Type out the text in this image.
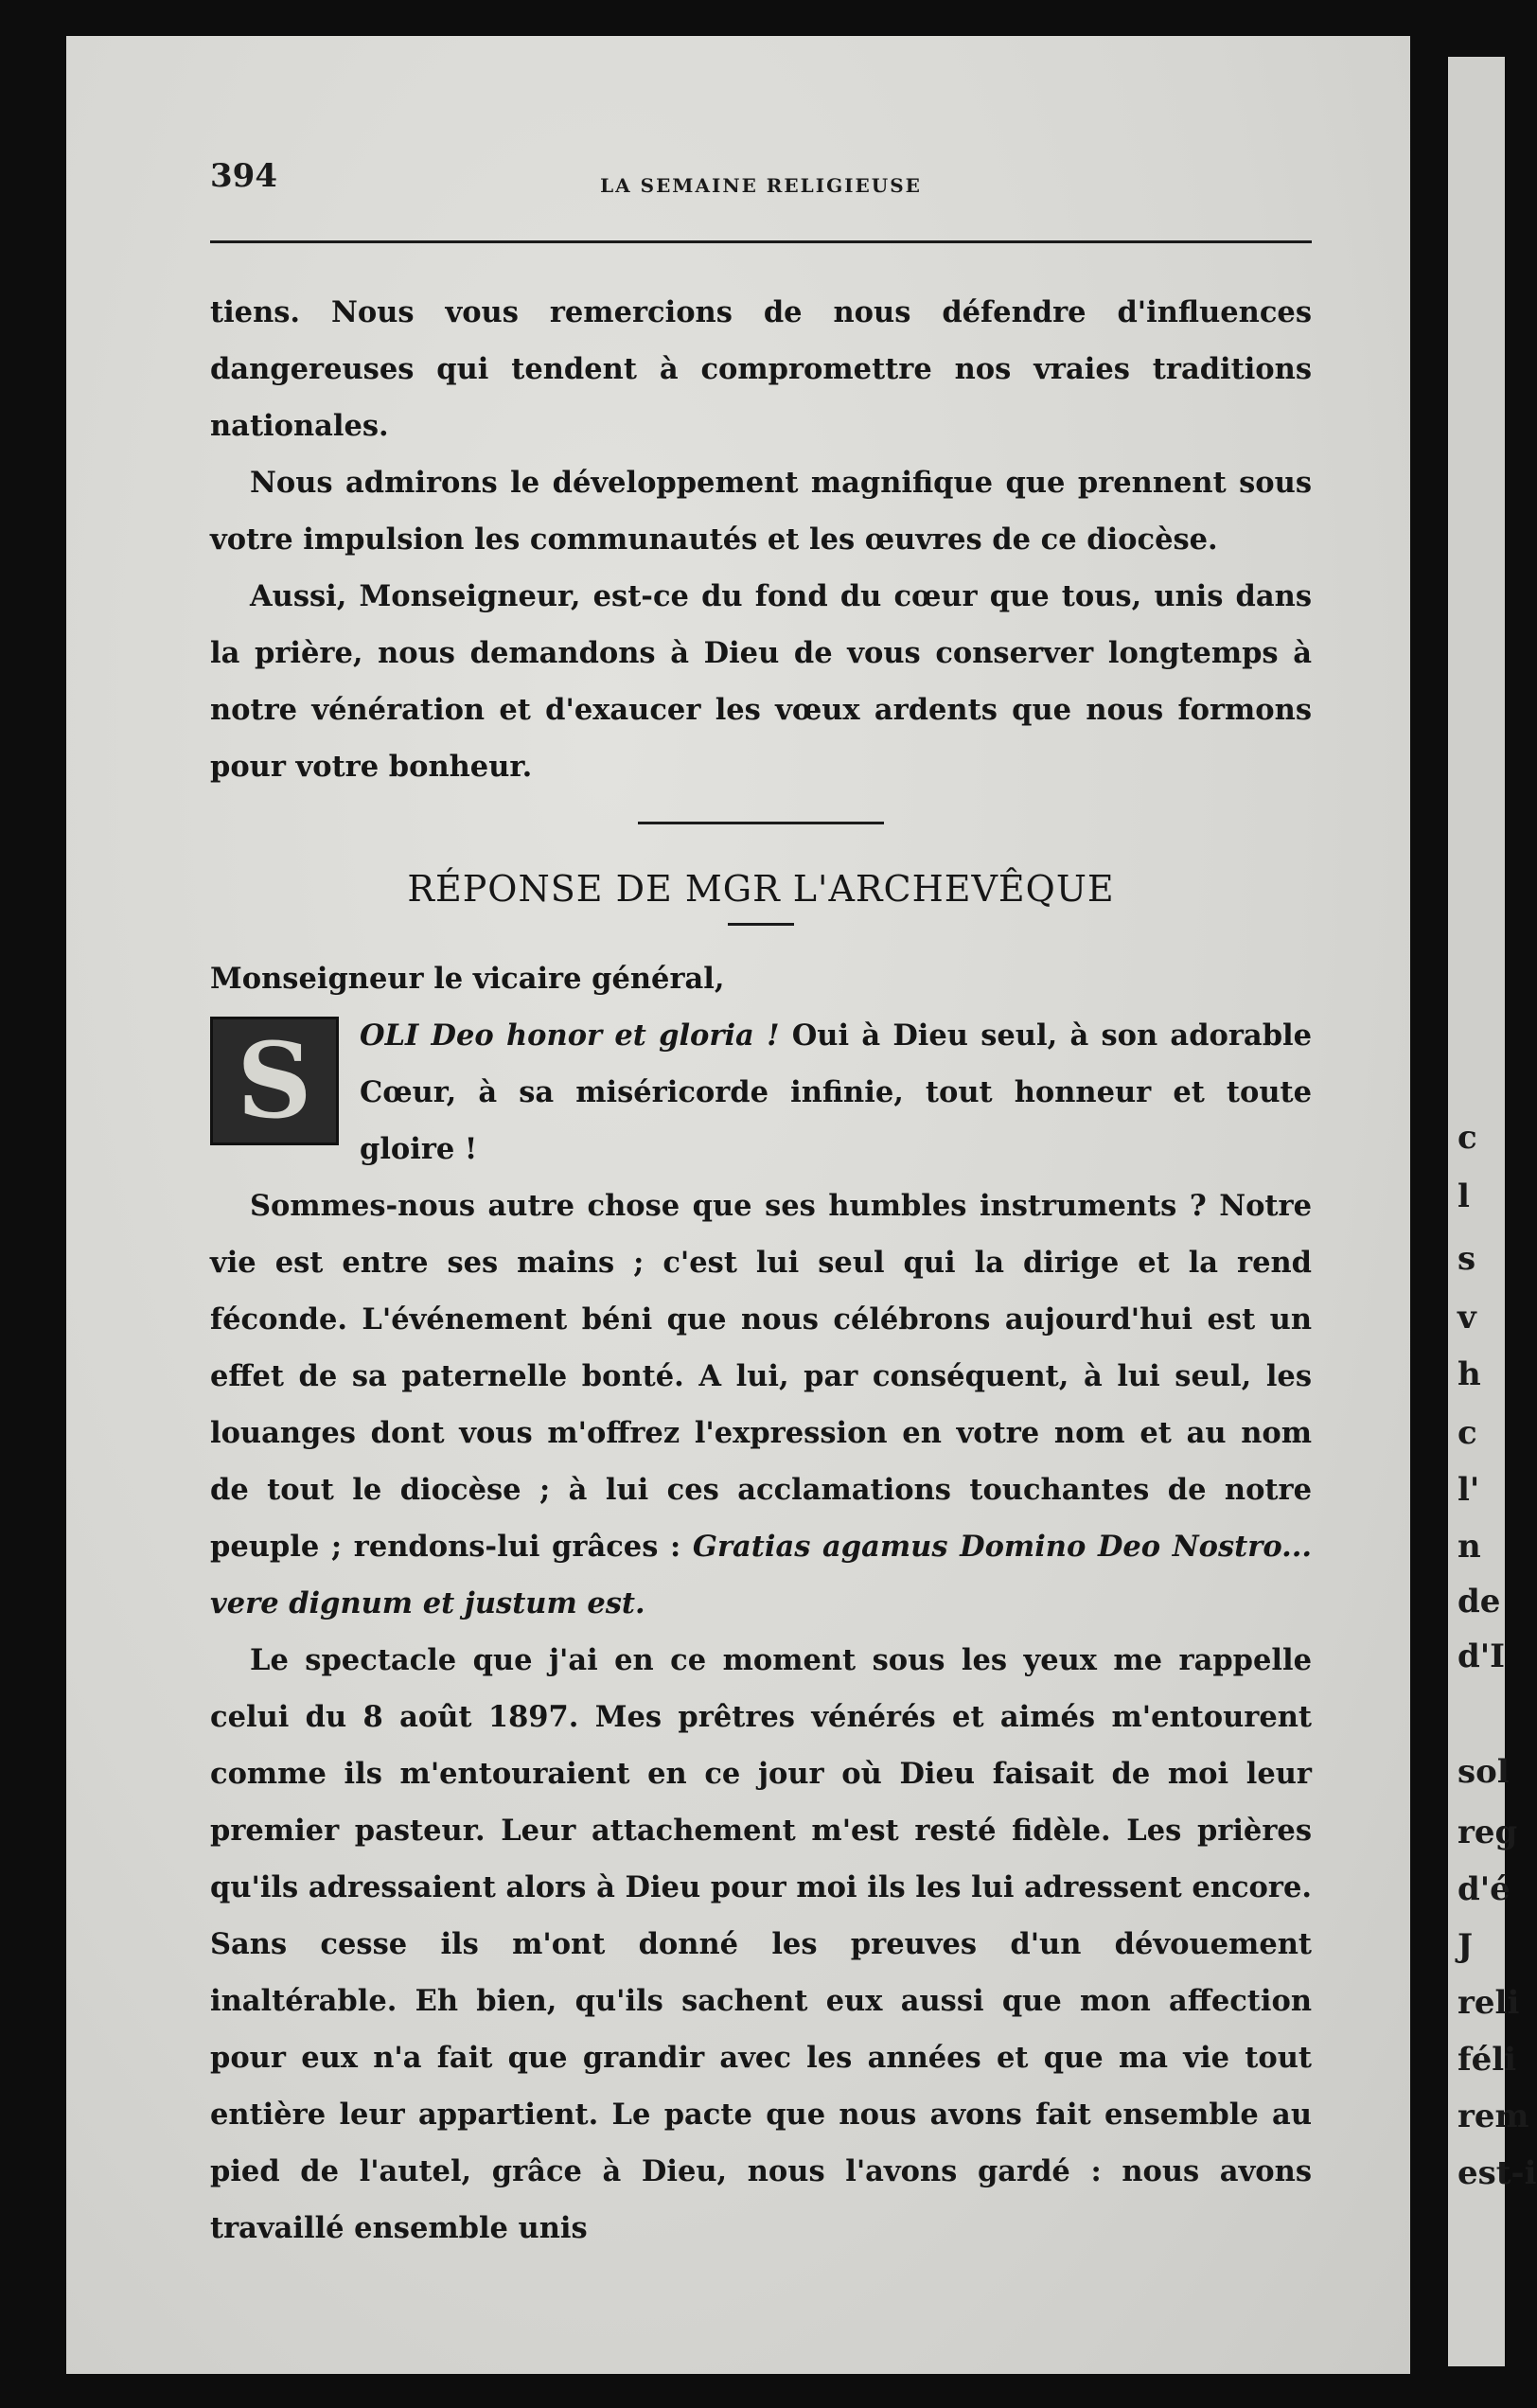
c
l
s
v
h
c
l'
n
de
d'I
sol
reg
d'é
J
reli
féli
rem
est-i
394	LA SEMAINE RELIGIEUSE

tiens. Nous vous remercions de nous défendre d'influences dangereuses qui tendent à compromettre nos vraies traditions nationales.

Nous admirons le développement magnifique que prennent sous votre impulsion les communautés et les œuvres de ce diocèse.

Aussi, Monseigneur, est-ce du fond du cœur que tous, unis dans la prière, nous demandons à Dieu de vous conserver longtemps à notre vénération et d'exaucer les vœux ardents que nous formons pour votre bonheur.

RÉPONSE DE MGR L'ARCHEVÊQUE

Monseigneur le vicaire général,

S	OLI Deo honor et gloria ! Oui à Dieu seul, à son adorable Cœur, à sa miséricorde infinie, tout honneur et toute gloire !

Sommes-nous autre chose que ses humbles instruments ? Notre vie est entre ses mains ; c'est lui seul qui la dirige et la rend féconde. L'événement béni que nous célébrons aujourd'hui est un effet de sa paternelle bonté. A lui, par conséquent, à lui seul, les louanges dont vous m'offrez l'expression en votre nom et au nom de tout le diocèse ; à lui ces acclamations touchantes de notre peuple ; rendons-lui grâces : Gratias agamus Domino Deo Nostro... vere dignum et justum est.

Le spectacle que j'ai en ce moment sous les yeux me rappelle celui du 8 août 1897. Mes prêtres vénérés et aimés m'entourent comme ils m'entouraient en ce jour où Dieu faisait de moi leur premier pasteur. Leur attachement m'est resté fidèle. Les prières qu'ils adressaient alors à Dieu pour moi ils les lui adressent encore. Sans cesse ils m'ont donné les preuves d'un dévouement inaltérable. Eh bien, qu'ils sachent eux aussi que mon affection pour eux n'a fait que grandir avec les années et que ma vie tout entière leur appartient. Le pacte que nous avons fait ensemble au pied de l'autel, grâce à Dieu, nous l'avons gardé : nous avons travaillé ensemble unis
